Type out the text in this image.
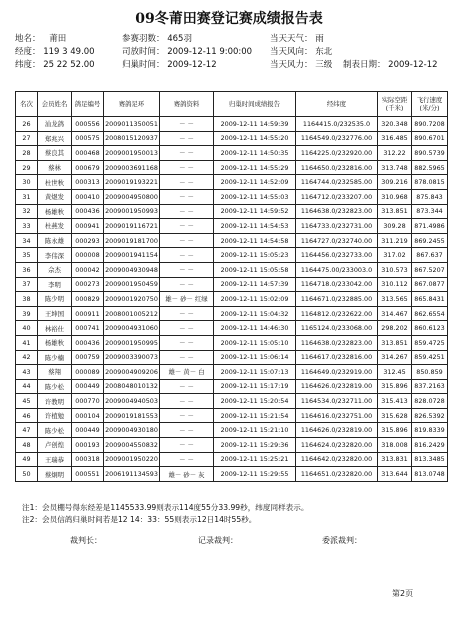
09冬莆田赛登记赛成绩报告表
地名： 莆田
经度： 119 3 49.00
纬度： 25 22 52.00
参赛羽数： 465羽
司放时间： 2009-12-11 9:00:00
归巢时间： 2009-12-12
当天天气： 雨
当天风向： 东北
当天风力： 三级 制表日期： 2009-12-12
名次	会员姓名	鸽足编号	赛鸽足环	赛鸽资料	归巢时间成绩报告	经纬度	实际空距(千米)	飞行速度(米/分)
26	汕龙鸽	000556	2009011350051	－ －	2009-12-11 14:59:39	1164415.0/232535.0	320.348	890.7208
27	郑兆兴	000575	2008015120937	－ －	2009-12-11 14:55:20	1164549.0/232776.00	316.485	890.6701
28	蔡良其	000468	2009001950013	－ －	2009-12-11 14:50:35	1164225.0/232920.00	312.22	890.5739
29	蔡林	000679	2009003691168	－ －	2009-12-11 14:55:29	1164650.0/232816.00	313.748	882.5965
30	杜世秋	000313	2009019193221	－ －	2009-12-11 14:52:09	1164744.0/232585.00	309.216	878.0815
31	黄煜发	000410	2009004950800	－ －	2009-12-11 14:55:03	1164712.0/233207.00	310.968	875.843
32	杨雄秋	000436	2009001950993	－ －	2009-12-11 14:59:52	1164638.0/232823.00	313.851	873.344
33	杜燕发	000941	2009019116721	－ －	2009-12-11 14:54:53	1164733.0/232731.00	309.28	871.4986
34	陈永雄	000293	2009019181700	－ －	2009-12-11 14:54:58	1164727.0/232740.00	311.219	869.2455
35	李伟深	000008	2009001941154	－ －	2009-12-11 15:05:23	1164456.0/232733.00	317.02	867.637
36	佘杰	000042	2009004930948	－ －	2009-12-11 15:05:58	1164475.00/233003.0	310.573	867.5207
37	李明	000273	2009001950459	－ －	2009-12-11 14:57:39	1164718.0/233042.00	310.112	867.0877
38	陈少明	000829	2009001920750	雄－ 砂－ 红绿	2009-12-11 15:02:09	1164671.0/232885.00	313.565	865.8431
39	王坤国	000911	2008001005212	－ －	2009-12-11 15:04:32	1164812.0/232622.00	314.467	862.6554
40	林裕仕	000741	2009004931060	－ －	2009-12-11 14:46:30	1165124.0/233068.00	298.202	860.6123
41	杨雄秋	000436	2009001950995	－ －	2009-12-11 15:05:10	1164638.0/232823.00	313.851	859.4725
42	陈少楠	000759	2009003390073	－ －	2009-12-11 15:06:14	1164617.0/232816.00	314.267	859.4251
43	蔡翔	000089	2009004909206	雄－ 黄－ 白	2009-12-11 15:07:13	1164649.0/232919.00	312.45	850.859
44	陈少松	000449	2008048010132	－ －	2009-12-11 15:17:19	1164626.0/232819.00	315.896	837.2163
45	许教明	000770	2009004940503	－ －	2009-12-11 15:20:54	1164534.0/232711.00	315.413	828.0728
46	许植勉	000104	2009019181553	－ －	2009-12-11 15:21:54	1164616.0/232751.00	315.628	826.5392
47	陈少松	000449	2009004930180	－ －	2009-12-11 15:21:10	1164626.0/232819.00	315.896	819.8339
48	卢创煌	000193	2009004550832	－ －	2009-12-11 15:29:36	1164624.0/232820.00	318.008	816.2429
49	王瑞恭	000318	2009001950220	－ －	2009-12-11 15:25:21	1164642.0/232820.00	313.831	813.3485
50	蔡炯明	000551	2006191134593	雄－ 砂－ 灰	2009-12-11 15:29:55	1164651.0/232820.00	313.644	813.0748
注1：会员棚号得东经差是1145533.99则表示114度55分33.99秒，纬度同样表示。
注2：会员信鸽归巢时间若是12 14：33：55则表示12日14时55秒。
裁判长：	记录裁判：	委派裁判：
第2页
